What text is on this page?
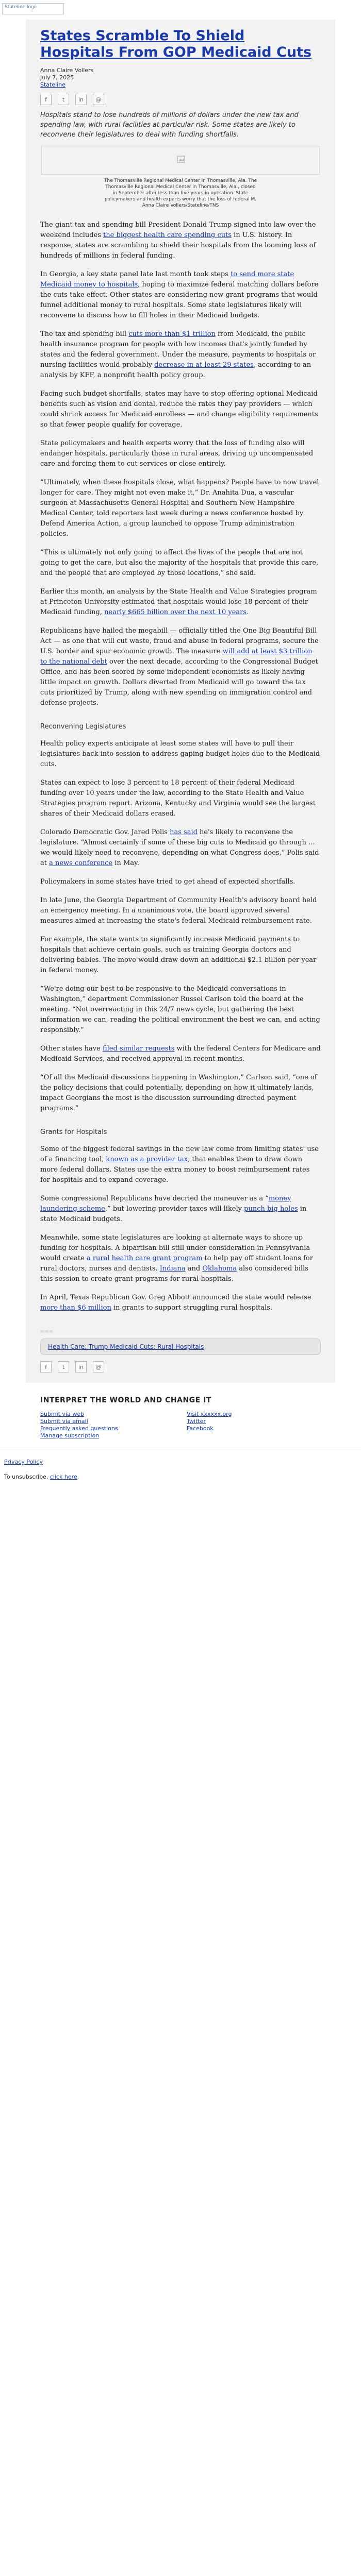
Stateline logo
States Scramble To Shield Hospitals From GOP Medicaid Cuts
Anna Claire Vollers
July 7, 2025
Stateline
f	t	in	@
Hospitals stand to lose hundreds of millions of dollars under the new tax and spending law, with rural facilities at particular risk. Some states are likely to reconvene their legislatures to deal with funding shortfalls.
The Thomasville Regional Medical Center in Thomasville, Ala. The Thomasville Regional Medical Center in Thomasville, Ala., closed in September after less than five years in operation. State policymakers and health experts worry that the loss of federal M. Anna Claire Vollers/Stateline/TNS

The giant tax and spending bill President Donald Trump signed into law over the weekend includes the biggest health care spending cuts in U.S. history. In response, states are scrambling to shield their hospitals from the looming loss of hundreds of millions in federal funding.

In Georgia, a key state panel late last month took steps to send more state Medicaid money to hospitals, hoping to maximize federal matching dollars before the cuts take effect. Other states are considering new grant programs that would funnel additional money to rural hospitals. Some state legislatures likely will reconvene to discuss how to fill holes in their Medicaid budgets.

The tax and spending bill cuts more than $1 trillion from Medicaid, the public health insurance program for people with low incomes that's jointly funded by states and the federal government. Under the measure, payments to hospitals or nursing facilities would probably decrease in at least 29 states, according to an analysis by KFF, a nonprofit health policy group.

Facing such budget shortfalls, states may have to stop offering optional Medicaid benefits such as vision and dental, reduce the rates they pay providers — which could shrink access for Medicaid enrollees — and change eligibility requirements so that fewer people qualify for coverage.

State policymakers and health experts worry that the loss of funding also will endanger hospitals, particularly those in rural areas, driving up uncompensated care and forcing them to cut services or close entirely.

“Ultimately, when these hospitals close, what happens? People have to now travel longer for care. They might not even make it,” Dr. Anahita Dua, a vascular surgeon at Massachusetts General Hospital and Southern New Hampshire Medical Center, told reporters last week during a news conference hosted by Defend America Action, a group launched to oppose Trump administration policies.

“This is ultimately not only going to affect the lives of the people that are not going to get the care, but also the majority of the hospitals that provide this care, and the people that are employed by those locations,” she said.

Earlier this month, an analysis by the State Health and Value Strategies program at Princeton University estimated that hospitals would lose 18 percent of their Medicaid funding, nearly $665 billion over the next 10 years.

Republicans have hailed the megabill — officially titled the One Big Beautiful Bill Act — as one that will cut waste, fraud and abuse in federal programs, secure the U.S. border and spur economic growth. The measure will add at least $3 trillion to the national debt over the next decade, according to the Congressional Budget Office, and has been scored by some independent economists as likely having little impact on growth. Dollars diverted from Medicaid will go toward the tax cuts prioritized by Trump, along with new spending on immigration control and defense projects.

Reconvening Legislatures

Health policy experts anticipate at least some states will have to pull their legislatures back into session to address gaping budget holes due to the Medicaid cuts.

States can expect to lose 3 percent to 18 percent of their federal Medicaid funding over 10 years under the law, according to the State Health and Value Strategies program report. Arizona, Kentucky and Virginia would see the largest shares of their Medicaid dollars erased.

Colorado Democratic Gov. Jared Polis has said he's likely to reconvene the legislature. “Almost certainly if some of these big cuts to Medicaid go through ... we would likely need to reconvene, depending on what Congress does,” Polis said at a news conference in May.

Policymakers in some states have tried to get ahead of expected shortfalls.

In late June, the Georgia Department of Community Health's advisory board held an emergency meeting. In a unanimous vote, the board approved several measures aimed at increasing the state's federal Medicaid reimbursement rate.

For example, the state wants to significantly increase Medicaid payments to hospitals that achieve certain goals, such as training Georgia doctors and delivering babies. The move would draw down an additional $2.1 billion per year in federal money.

“We're doing our best to be responsive to the Medicaid conversations in Washington,” department Commissioner Russel Carlson told the board at the meeting. “Not overreacting in this 24/7 news cycle, but gathering the best information we can, reading the political environment the best we can, and acting responsibly.”

Other states have filed similar requests with the federal Centers for Medicare and Medicaid Services, and received approval in recent months.

“Of all the Medicaid discussions happening in Washington,” Carlson said, “one of the policy decisions that could potentially, depending on how it ultimately lands, impact Georgians the most is the discussion surrounding directed payment programs.”

Grants for Hospitals

Some of the biggest federal savings in the new law come from limiting states' use of a financing tool, known as a provider tax, that enables them to draw down more federal dollars. States use the extra money to boost reimbursement rates for hospitals and to expand coverage.

Some congressional Republicans have decried the maneuver as a “money laundering scheme,” but lowering provider taxes will likely punch big holes in state Medicaid budgets.

Meanwhile, some state legislatures are looking at alternate ways to shore up funding for hospitals. A bipartisan bill still under consideration in Pennsylvania would create a rural health care grant program to help pay off student loans for rural doctors, nurses and dentists. Indiana and Oklahoma also considered bills this session to create grant programs for rural hospitals.

In April, Texas Republican Gov. Greg Abbott announced the state would release more than $6 million in grants to support struggling rural hospitals.

===
Health Care: Trump Medicaid Cuts: Rural Hospitals
f	t	in	@
INTERPRET THE WORLD AND CHANGE IT
Submit via web
Submit via email
Frequently asked questions
Manage subscription
Visit xxxxxx.org
Twitter
Facebook
Privacy Policy
To unsubscribe, click here.
